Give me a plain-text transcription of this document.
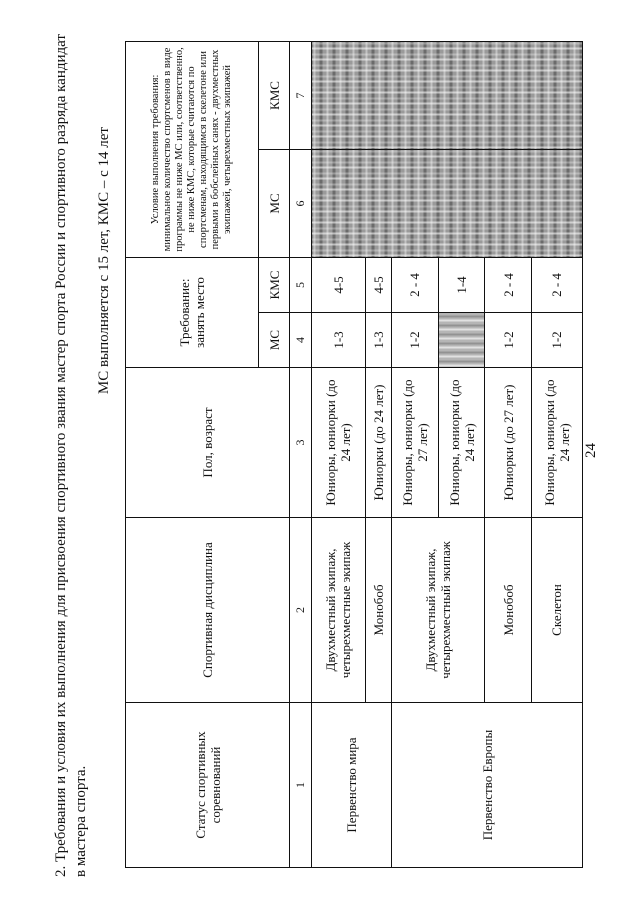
24
2. Требования и условия их выполнения для присвоения спортивного звания мастер спорта России и спортивного разряда кандидат в мастера спорта.
МС выполняется с 15 лет, КМС – с 14 лет
Статус спортивных соревнований	Спортивная дисциплина	Пол, возраст	Требование: занять место		Условие выполнения требования: минимальное количество спортсменов в виде программы не ниже МС или, соответственно, не ниже КМС, которые считаются по спортсменам, находящимся в скелетоне или первыми в бобслейных санях - двухместных экипажей, четырехместных экипажей	
			МС	КМС	МС	КМС
1	2	3	4	5	6	7
Первенство мира	Двухместный экипаж, четырехместные экипаж	Юниоры, юниорки (до 24 лет)	1-3	4-5		
	Монобоб	Юниорки (до 24 лет)	1-3	4-5		
Первенство Европы	Двухместный экипаж, четырехместный экипаж	Юниоры, юниорки (до 27 лет)	1-2	2 - 4		
		Юниоры, юниорки (до 24 лет)		1-4		
	Монобоб	Юниорки (до 27 лет)	1-2	2 - 4		
	Скелетон	Юниоры, юниорки (до 24 лет)	1-2	2 - 4		
